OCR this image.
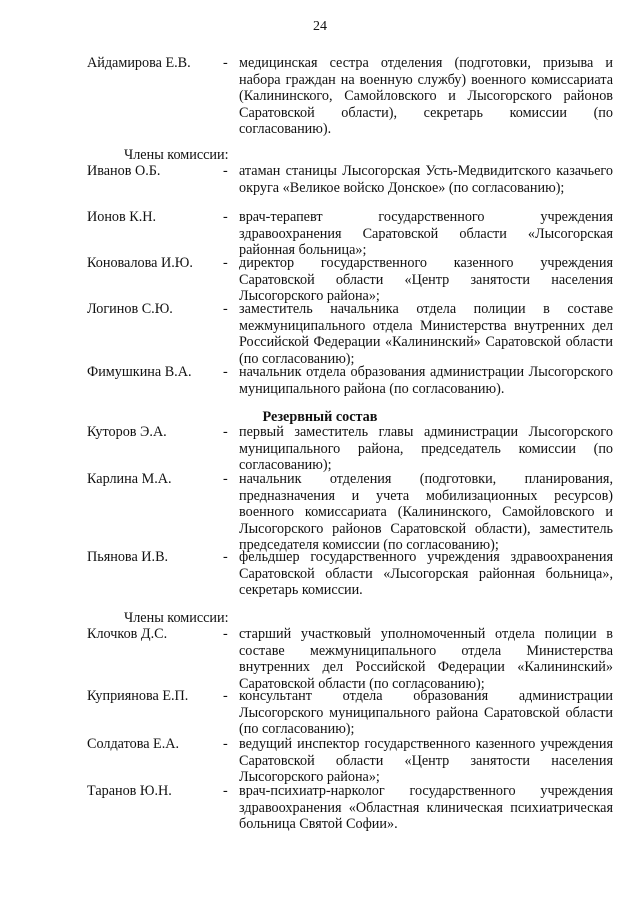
24
Айдамирова Е.В. - медицинская сестра отделения (подготовки, призыва и набора граждан на военную службу) военного комиссариата (Калининского, Самойловского и Лысогорского районов Саратовской области), секретарь комиссии (по согласованию).
Члены комиссии:
Иванов О.Б.	- атаман станицы Лысогорская Усть-Медвидитского казачьего округа «Великое войско Донское» (по согласованию);
Ионов К.Н.	- врач-терапевт государственного учреждения здравоохранения Саратовской области «Лысогорская районная больница»;
Коновалова И.Ю. - директор государственного казенного учреждения Саратовской области «Центр занятости населения Лысогорского района»;
Логинов С.Ю.	- заместитель начальника отдела полиции в составе межмуниципального отдела Министерства внутренних дел Российской Федерации «Калининский» Саратовской области (по согласованию);
Фимушкина В.А. - начальник отдела образования администрации Лысогорского муниципального района (по согласованию).
Резервный состав
Куторов Э.А.	- первый заместитель главы администрации Лысогорского муниципального района, председатель комиссии (по согласованию);
Карлина М.А.	- начальник отделения (подготовки, планирования, предназначения и учета мобилизационных ресурсов) военного комиссариата (Калининского, Самойловского и Лысогорского районов Саратовской области), заместитель председателя комиссии (по согласованию);
Пьянова И.В.	- фельдшер государственного учреждения здравоохранения Саратовской области «Лысогорская районная больница», секретарь комиссии.
Члены комиссии:
Клочков Д.С.	- старший участковый уполномоченный отдела полиции в составе межмуниципального отдела Министерства внутренних дел Российской Федерации «Калининский» Саратовской области (по согласованию);
Куприянова Е.П. - консультант отдела образования администрации Лысогорского муниципального района Саратовской области (по согласованию);
Солдатова Е.А.	- ведущий инспектор государственного казенного учреждения Саратовской области «Центр занятости населения Лысогорского района»;
Таранов Ю.Н.	- врач-психиатр-нарколог государственного учреждения здравоохранения «Областная клиническая психиатрическая больница Святой Софии».
